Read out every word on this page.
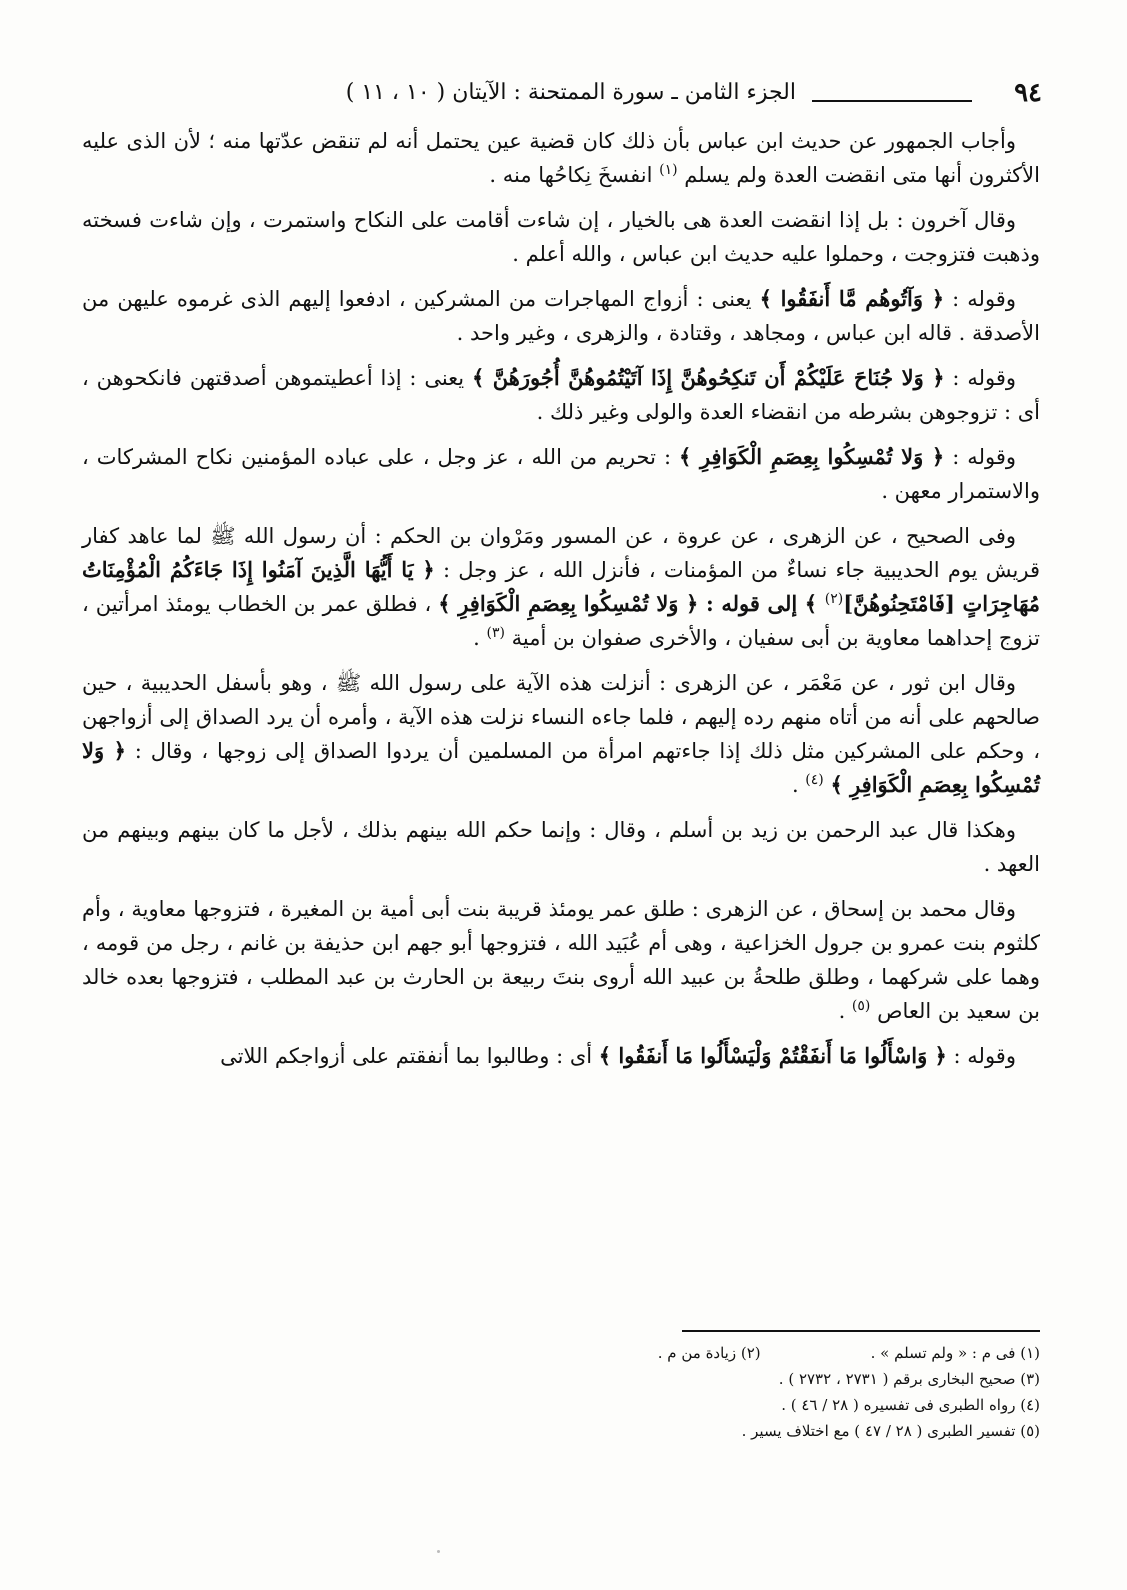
٩٤
الجزء الثامن ـ سورة الممتحنة : الآيتان ( ١٠ ، ١١ )

وأجاب الجمهور عن حديث ابن عباس بأن ذلك كان قضية عين يحتمل أنه لم تنقض عدّتها منه ؛ لأن الذى عليه الأكثرون أنها متى انقضت العدة ولم يسلم $^{(١)}$ انفسخَ نِكاحُها منه .

وقال آخرون : بل إذا انقضت العدة هى بالخيار ، إن شاءت أقامت على النكاح واستمرت ، وإن شاءت فسخته وذهبت فتزوجت ، وحملوا عليه حديث ابن عباس ، والله أعلم .

وقوله : ﴿ وَآتُوهُم مَّا أَنفَقُوا ﴾ يعنى : أزواج المهاجرات من المشركين ، ادفعوا إليهم الذى غرموه عليهن من الأصدقة . قاله ابن عباس ، ومجاهد ، وقتادة ، والزهرى ، وغير واحد .

وقوله : ﴿ وَلا جُنَاحَ عَلَيْكُمْ أَن تَنكِحُوهُنَّ إِذَا آتَيْتُمُوهُنَّ أُجُورَهُنَّ ﴾ يعنى : إذا أعطيتموهن أصدقتهن فانكحوهن ، أى : تزوجوهن بشرطه من انقضاء العدة والولى وغير ذلك .

وقوله : ﴿ وَلا تُمْسِكُوا بِعِصَمِ الْكَوَافِرِ ﴾ : تحريم من الله ، عز وجل ، على عباده المؤمنين نكاح المشركات ، والاستمرار معهن .

وفى الصحيح ، عن الزهرى ، عن عروة ، عن المسور ومَرْوان بن الحكم : أن رسول الله ﷺ لما عاهد كفار قريش يوم الحديبية جاء نساءٌ من المؤمنات ، فأنزل الله ، عز وجل : ﴿ يَا أَيُّهَا الَّذِينَ آمَنُوا إِذَا جَاءَكُمُ الْمُؤْمِنَاتُ مُهَاجِرَاتٍ [فَامْتَحِنُوهُنَّ]$^{(٢)}$ ﴾ إلى قوله : ﴿ وَلا تُمْسِكُوا بِعِصَمِ الْكَوَافِرِ ﴾ ، فطلق عمر بن الخطاب يومئذ امرأتين ، تزوج إحداهما معاوية بن أبى سفيان ، والأخرى صفوان بن أمية $^{(٣)}$ .

وقال ابن ثور ، عن مَعْمَر ، عن الزهرى : أنزلت هذه الآية على رسول الله ﷺ ، وهو بأسفل الحديبية ، حين صالحهم على أنه من أتاه منهم رده إليهم ، فلما جاءه النساء نزلت هذه الآية ، وأمره أن يرد الصداق إلى أزواجهن ، وحكم على المشركين مثل ذلك إذا جاءتهم امرأة من المسلمين أن يردوا الصداق إلى زوجها ، وقال : ﴿ وَلا تُمْسِكُوا بِعِصَمِ الْكَوَافِرِ ﴾ $^{(٤)}$ .

وهكذا قال عبد الرحمن بن زيد بن أسلم ، وقال : وإنما حكم الله بينهم بذلك ، لأجل ما كان بينهم وبينهم من العهد .

وقال محمد بن إسحاق ، عن الزهرى : طلق عمر يومئذ قريبة بنت أبى أمية بن المغيرة ، فتزوجها معاوية ، وأم كلثوم بنت عمرو بن جرول الخزاعية ، وهى أم عُبَيد الله ، فتزوجها أبو جهم ابن حذيفة بن غانم ، رجل من قومه ، وهما على شركهما ، وطلق طلحةُ بن عبيد الله أروى بنتَ ربيعة بن الحارث بن عبد المطلب ، فتزوجها بعده خالد بن سعيد بن العاص $^{(٥)}$ .

وقوله : ﴿ وَاسْأَلُوا مَا أَنفَقْتُمْ وَلْيَسْأَلُوا مَا أَنفَقُوا ﴾ أى : وطالبوا بما أنفقتم على أزواجكم اللاتى

(١) فى م : « ولم تسلم » .
(٢) زيادة من م .
(٣) صحيح البخارى برقم ( ٢٧٣١ ، ٢٧٣٢ ) .
(٤) رواه الطبرى فى تفسيره ( ٢٨ / ٤٦ ) .
(٥) تفسير الطبرى ( ٢٨ / ٤٧ ) مع اختلاف يسير .
